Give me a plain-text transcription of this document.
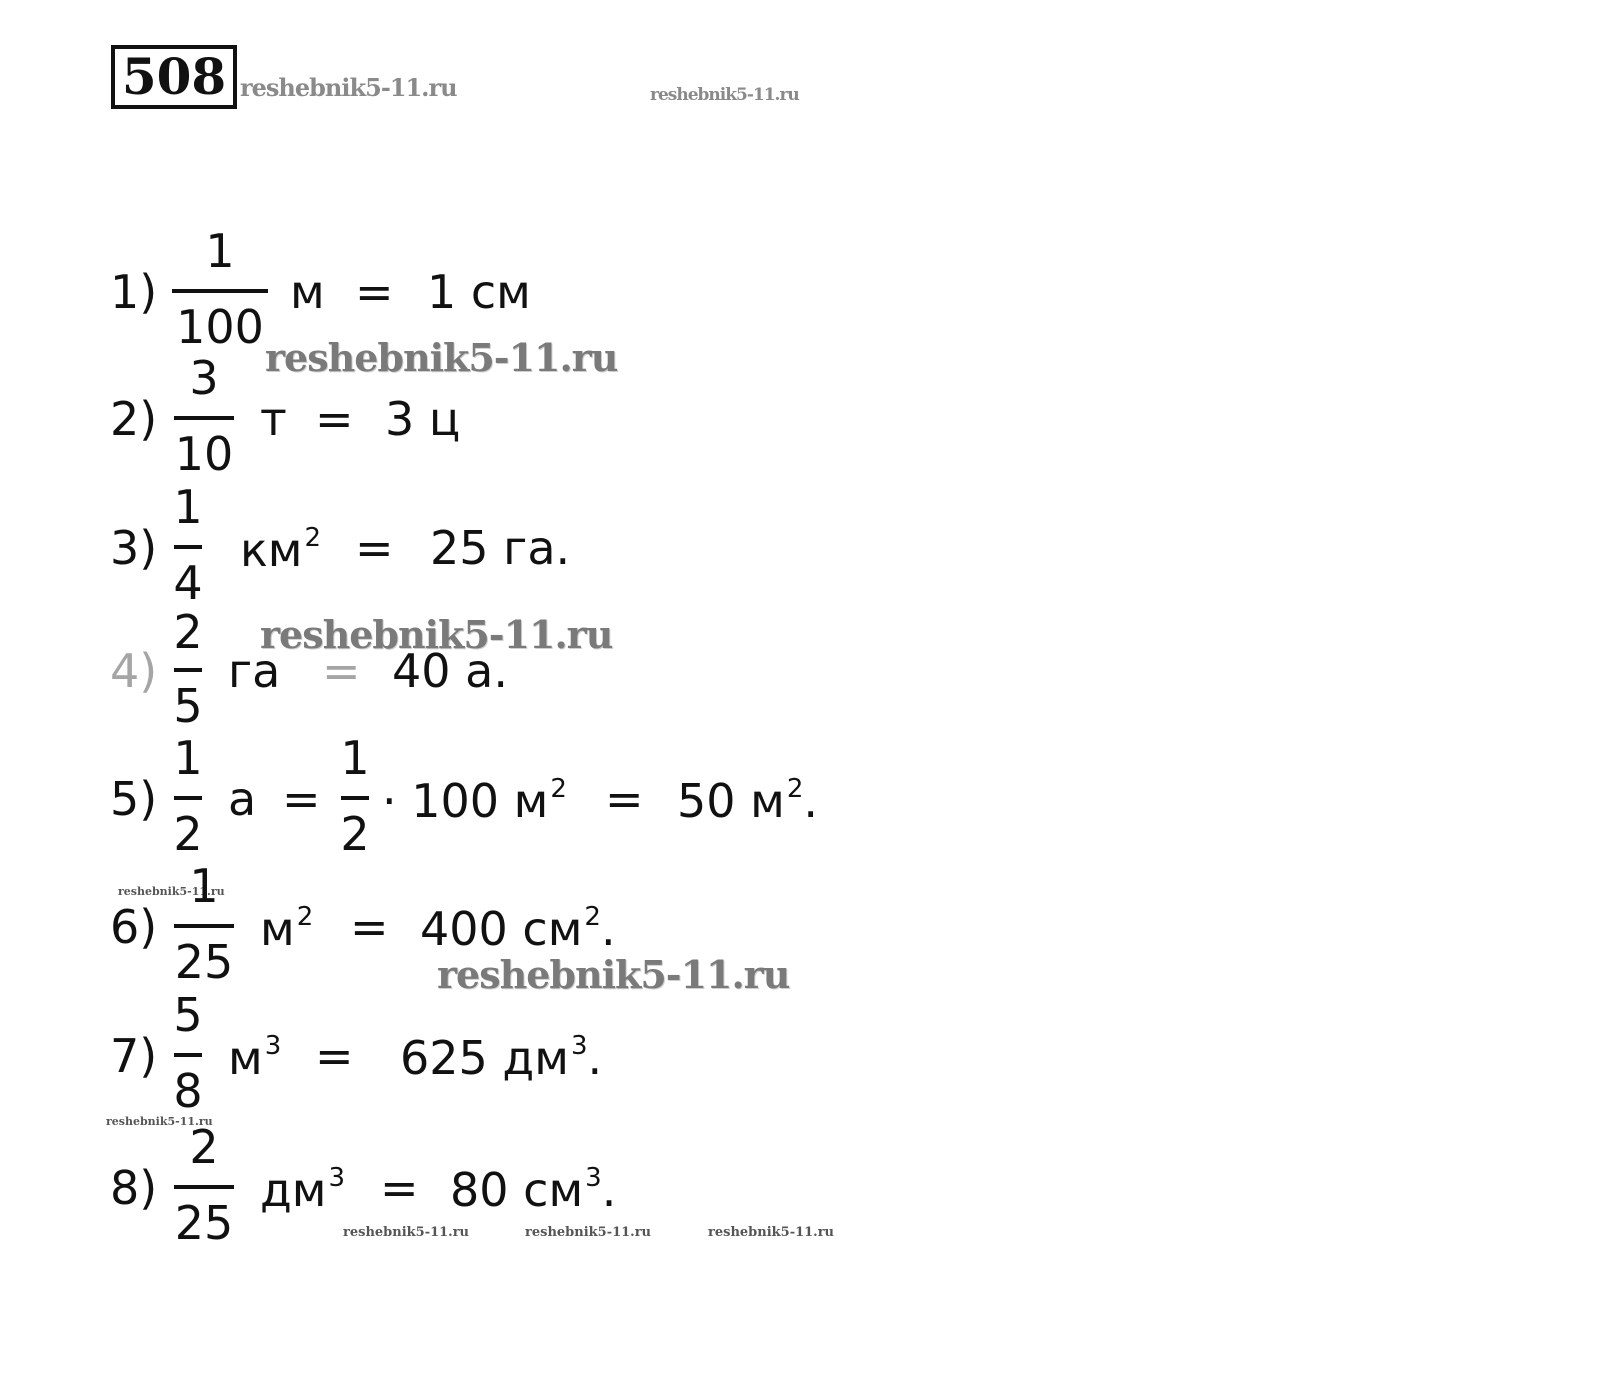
508 reshebnik5-11.ru	reshebnik5-11.ru
1)
1
100
м = 1 см
reshebnik5-11.ru
2)
3
10
т = 3 ц
3)
1
4
$км^2 = 25$ га.
4)
2
5
га = 40 а.
reshebnik5-11.ru
5)
1
2
а =
1
2
· 100 $м^2 = 50$ $м^2$.
reshebnik5-11.ru
6)
1
25
$м^2 = 400$ $см^2$.
reshebnik5-11.ru
7)
5
8
$м^3 = 625$ $дм^3$.
reshebnik5-11.ru
8)
2
25
$дм^3 = 80$ $см^3$.
reshebnik5-11.ru	reshebnik5-11.ru	reshebnik5-11.ru
